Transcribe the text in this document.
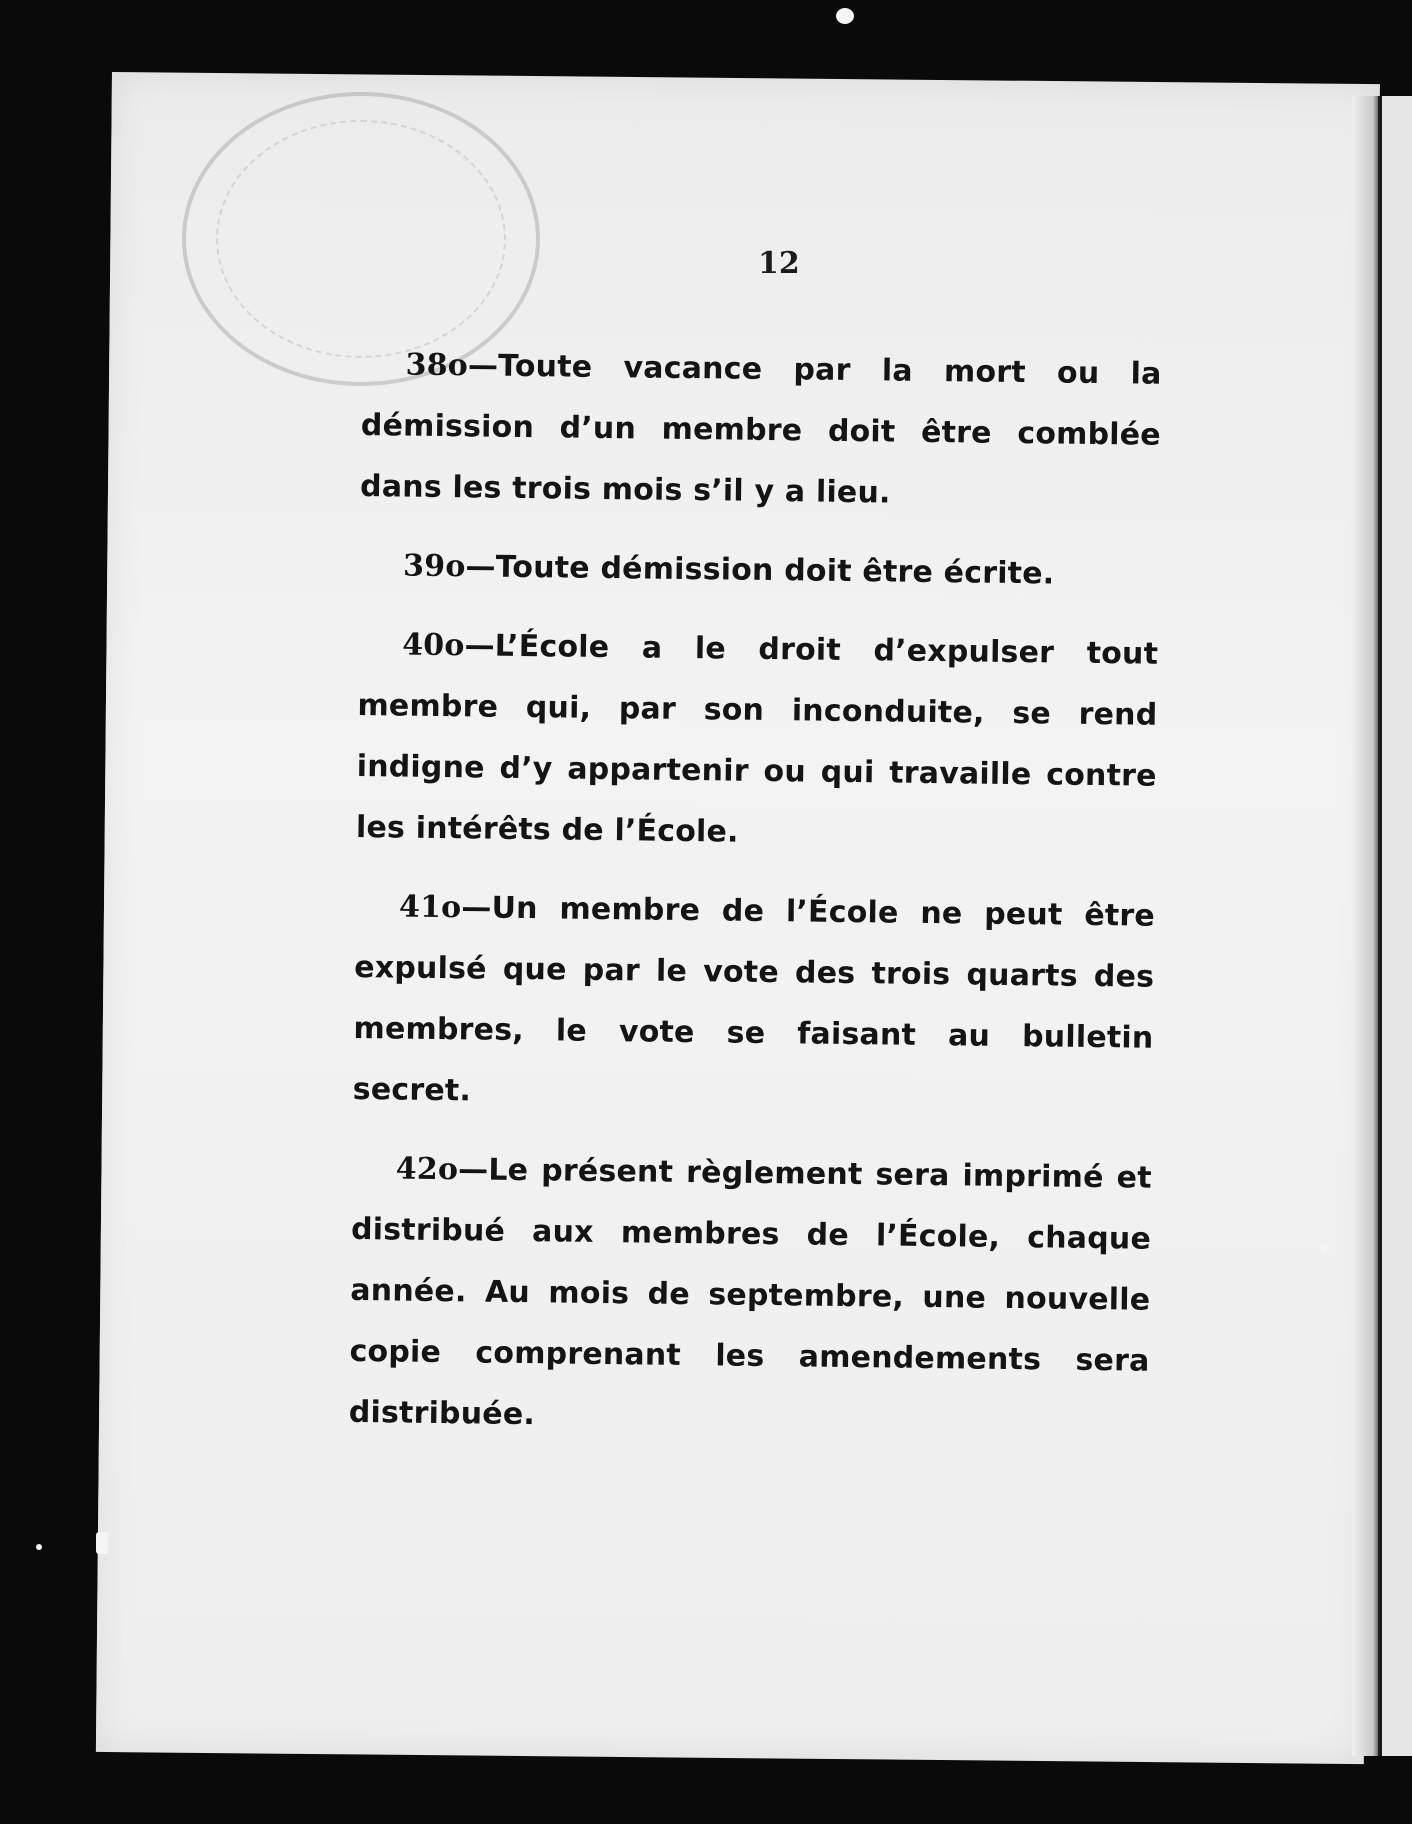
12

38o—Toute vacance par la mort ou la démission d’un membre doit être comblée dans les trois mois s’il y a lieu.

39o—Toute démission doit être écrite.

40o—L’École a le droit d’expulser tout membre qui, par son inconduite, se rend indigne d’y appartenir ou qui travaille contre les intérêts de l’École.

41o—Un membre de l’École ne peut être expulsé que par le vote des trois quarts des membres, le vote se faisant au bulletin secret.

42o—Le présent règlement sera imprimé et distribué aux membres de l’École, chaque année. Au mois de septembre, une nouvelle copie comprenant les amendements sera distribuée.
